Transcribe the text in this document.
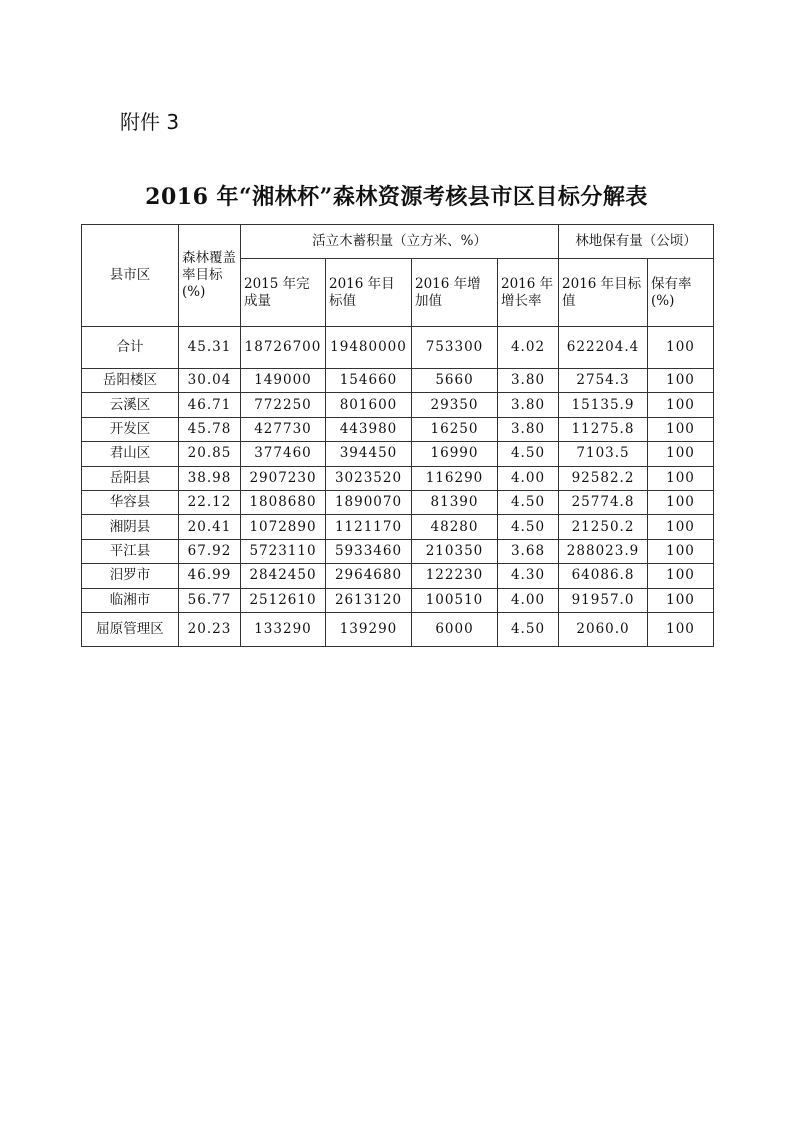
附件 3
2016 年“湘林杯”森林资源考核县市区目标分解表
县市区	森林覆盖率目标(%)	活立木蓄积量（立方米、%）				林地保有量（公顷）	
		2015 年完成量	2016 年目标值	2016 年增加值	2016 年增长率	2016 年目标值	保有率(%)
合计	45.31	18726700	19480000	753300	4.02	622204.4	100
岳阳楼区	30.04	149000	154660	5660	3.80	2754.3	100
云溪区	46.71	772250	801600	29350	3.80	15135.9	100
开发区	45.78	427730	443980	16250	3.80	11275.8	100
君山区	20.85	377460	394450	16990	4.50	7103.5	100
岳阳县	38.98	2907230	3023520	116290	4.00	92582.2	100
华容县	22.12	1808680	1890070	81390	4.50	25774.8	100
湘阴县	20.41	1072890	1121170	48280	4.50	21250.2	100
平江县	67.92	5723110	5933460	210350	3.68	288023.9	100
汨罗市	46.99	2842450	2964680	122230	4.30	64086.8	100
临湘市	56.77	2512610	2613120	100510	4.00	91957.0	100
屈原管理区	20.23	133290	139290	6000	4.50	2060.0	100
